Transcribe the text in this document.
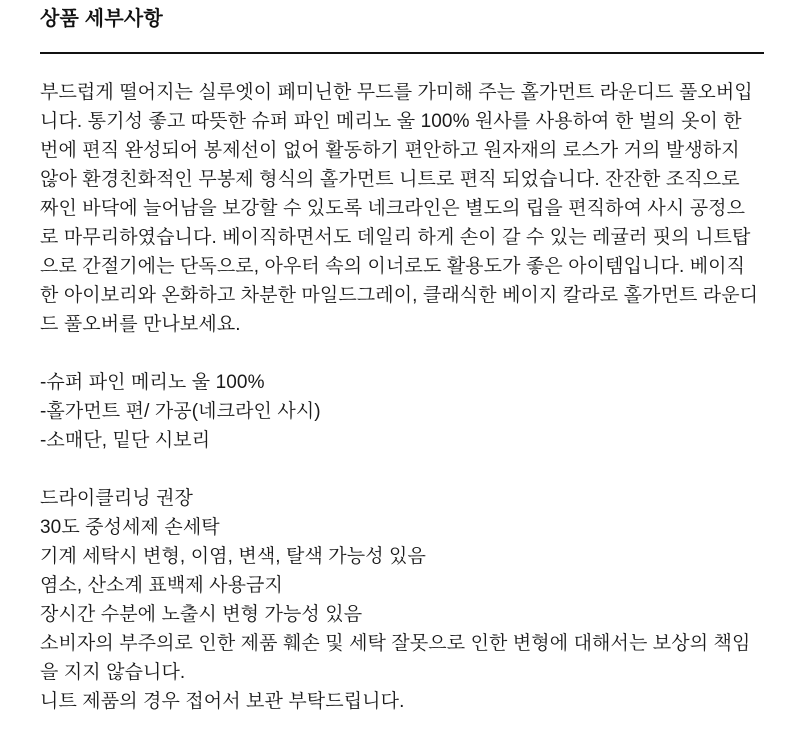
상품 세부사항
부드럽게 떨어지는 실루엣이 페미닌한 무드를 가미해 주는 홀가먼트 라운디드 풀오버입
니다. 통기성 좋고 따뜻한 슈퍼 파인 메리노 울 100% 원사를 사용하여 한 벌의 옷이 한
번에 편직 완성되어 봉제선이 없어 활동하기 편안하고 원자재의 로스가 거의 발생하지
않아 환경친화적인 무봉제 형식의 홀가먼트 니트로 편직 되었습니다. 잔잔한 조직으로
짜인 바닥에 늘어남을 보강할 수 있도록 네크라인은 별도의 립을 편직하여 사시 공정으
로 마무리하였습니다. 베이직하면서도 데일리 하게 손이 갈 수 있는 레귤러 핏의 니트탑
으로 간절기에는 단독으로, 아우터 속의 이너로도 활용도가 좋은 아이템입니다. 베이직
한 아이보리와 온화하고 차분한 마일드그레이, 클래식한 베이지 칼라로 홀가먼트 라운디
드 풀오버를 만나보세요.
-슈퍼 파인 메리노 울 100%
-홀가먼트 편/ 가공(네크라인 사시)
-소매단, 밑단 시보리
드라이클리닝 권장
30도 중성세제 손세탁
기계 세탁시 변형, 이염, 변색, 탈색 가능성 있음
염소, 산소계 표백제 사용금지
장시간 수분에 노출시 변형 가능성 있음
소비자의 부주의로 인한 제품 훼손 및 세탁 잘못으로 인한 변형에 대해서는 보상의 책임
을 지지 않습니다.
니트 제품의 경우 접어서 보관 부탁드립니다.
